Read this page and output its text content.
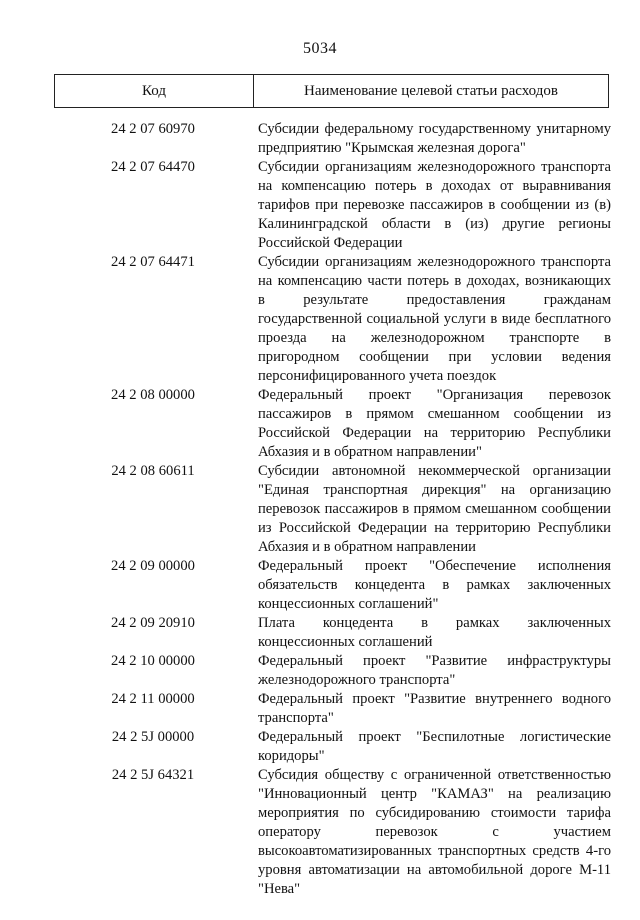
5034
Код	Наименование целевой статьи расходов
24 2 07 60970	Субсидии федеральному государственному унитарному предприятию "Крымская железная дорога"
24 2 07 64470	Субсидии организациям железнодорожного транспорта на компенсацию потерь в доходах от выравнивания тарифов при перевозке пассажиров в сообщении из (в) Калининградской области в (из) другие регионы Российской Федерации
24 2 07 64471	Субсидии организациям железнодорожного транспорта на компенсацию части потерь в доходах, возникающих в результате предоставления гражданам государственной социальной услуги в виде бесплатного проезда на железнодорожном транспорте в пригородном сообщении при условии ведения персонифицированного учета поездок
24 2 08 00000	Федеральный проект "Организация перевозок пассажиров в прямом смешанном сообщении из Российской Федерации на территорию Республики Абхазия и в обратном направлении"
24 2 08 60611	Субсидии автономной некоммерческой организации "Единая транспортная дирекция" на организацию перевозок пассажиров в прямом смешанном сообщении из Российской Федерации на территорию Республики Абхазия и в обратном направлении
24 2 09 00000	Федеральный проект "Обеспечение исполнения обязательств концедента в рамках заключенных концессионных соглашений"
24 2 09 20910	Плата концедента в рамках заключенных концессионных соглашений
24 2 10 00000	Федеральный проект "Развитие инфраструктуры железнодорожного транспорта"
24 2 11 00000	Федеральный проект "Развитие внутреннего водного транспорта"
24 2 5J 00000	Федеральный проект "Беспилотные логистические коридоры"
24 2 5J 64321	Субсидия обществу с ограниченной ответственностью "Инновационный центр "КАМАЗ" на реализацию мероприятия по субсидированию стоимости тарифа оператору перевозок с участием высокоавтоматизированных транспортных средств 4-го уровня автоматизации на автомобильной дороге М-11 "Нева"
